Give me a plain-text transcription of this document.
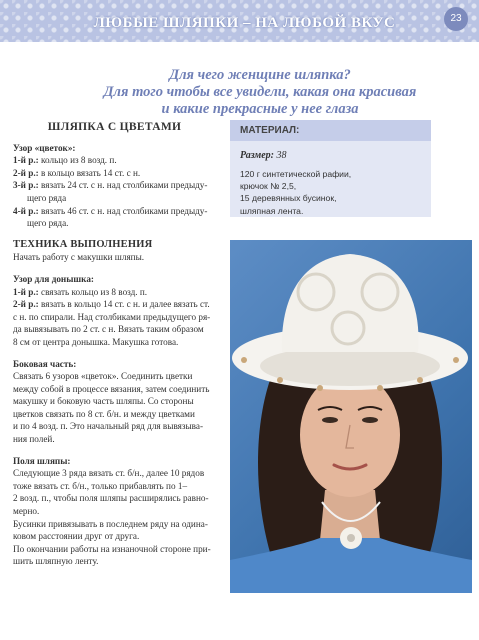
ЛЮБЫЕ ШЛЯПКИ – НА ЛЮБОЙ ВКУС	23
Для чего женщине шляпка?
Для того чтобы все увидели, какая она красивая
и какие прекрасные у нее глаза
ШЛЯПКА С ЦВЕТАМИ

Узор «цветок»:

1-й р.: кольцо из 8 возд. п.

2-й р.: в кольцо вязать 14 ст. с н.

3-й р.: вязать 24 ст. с н. над столбиками предыду-

щего ряда

4-й р.: вязать 46 ст. с н. над столбиками предыду-

щего ряда.

ТЕХНИКА ВЫПОЛНЕНИЯ

Начать работу с макушки шляпы.

Узор для донышка:

1-й р.: связать кольцо из 8 возд. п.

2-й р.: вязать в кольцо 14 ст. с н. и далее вязать ст.

с н. по спирали. Над столбиками предыдущего ря-

да вывязывать по 2 ст. с н. Вязать таким образом

8 см от центра донышка. Макушка готова.

Боковая часть:

Связать 6 узоров «цветок». Соединить цветки

между собой в процессе вязания, затем соединить

макушку и боковую часть шляпы. Со стороны

цветков связать по 8 ст. б/н. и между цветками

и по 4 возд. п. Это начальный ряд для вывязыва-

ния полей.

Поля шляпы:

Следующие 3 ряда вязать ст. б/н., далее 10 рядов

тоже вязать ст. б/н., только прибавлять по 1–

2 возд. п., чтобы поля шляпы расширялись равно-

мерно.

Бусинки привязывать в последнем ряду на одина-

ковом расстоянии друг от друга.

По окончании работы на изнаночной стороне при-

шить шляпную ленту.

МАТЕРИАЛ:
Размер: 38
120 г синтетической рафии,
крючок № 2,5,
15 деревянных бусинок,
шляпная лента.
